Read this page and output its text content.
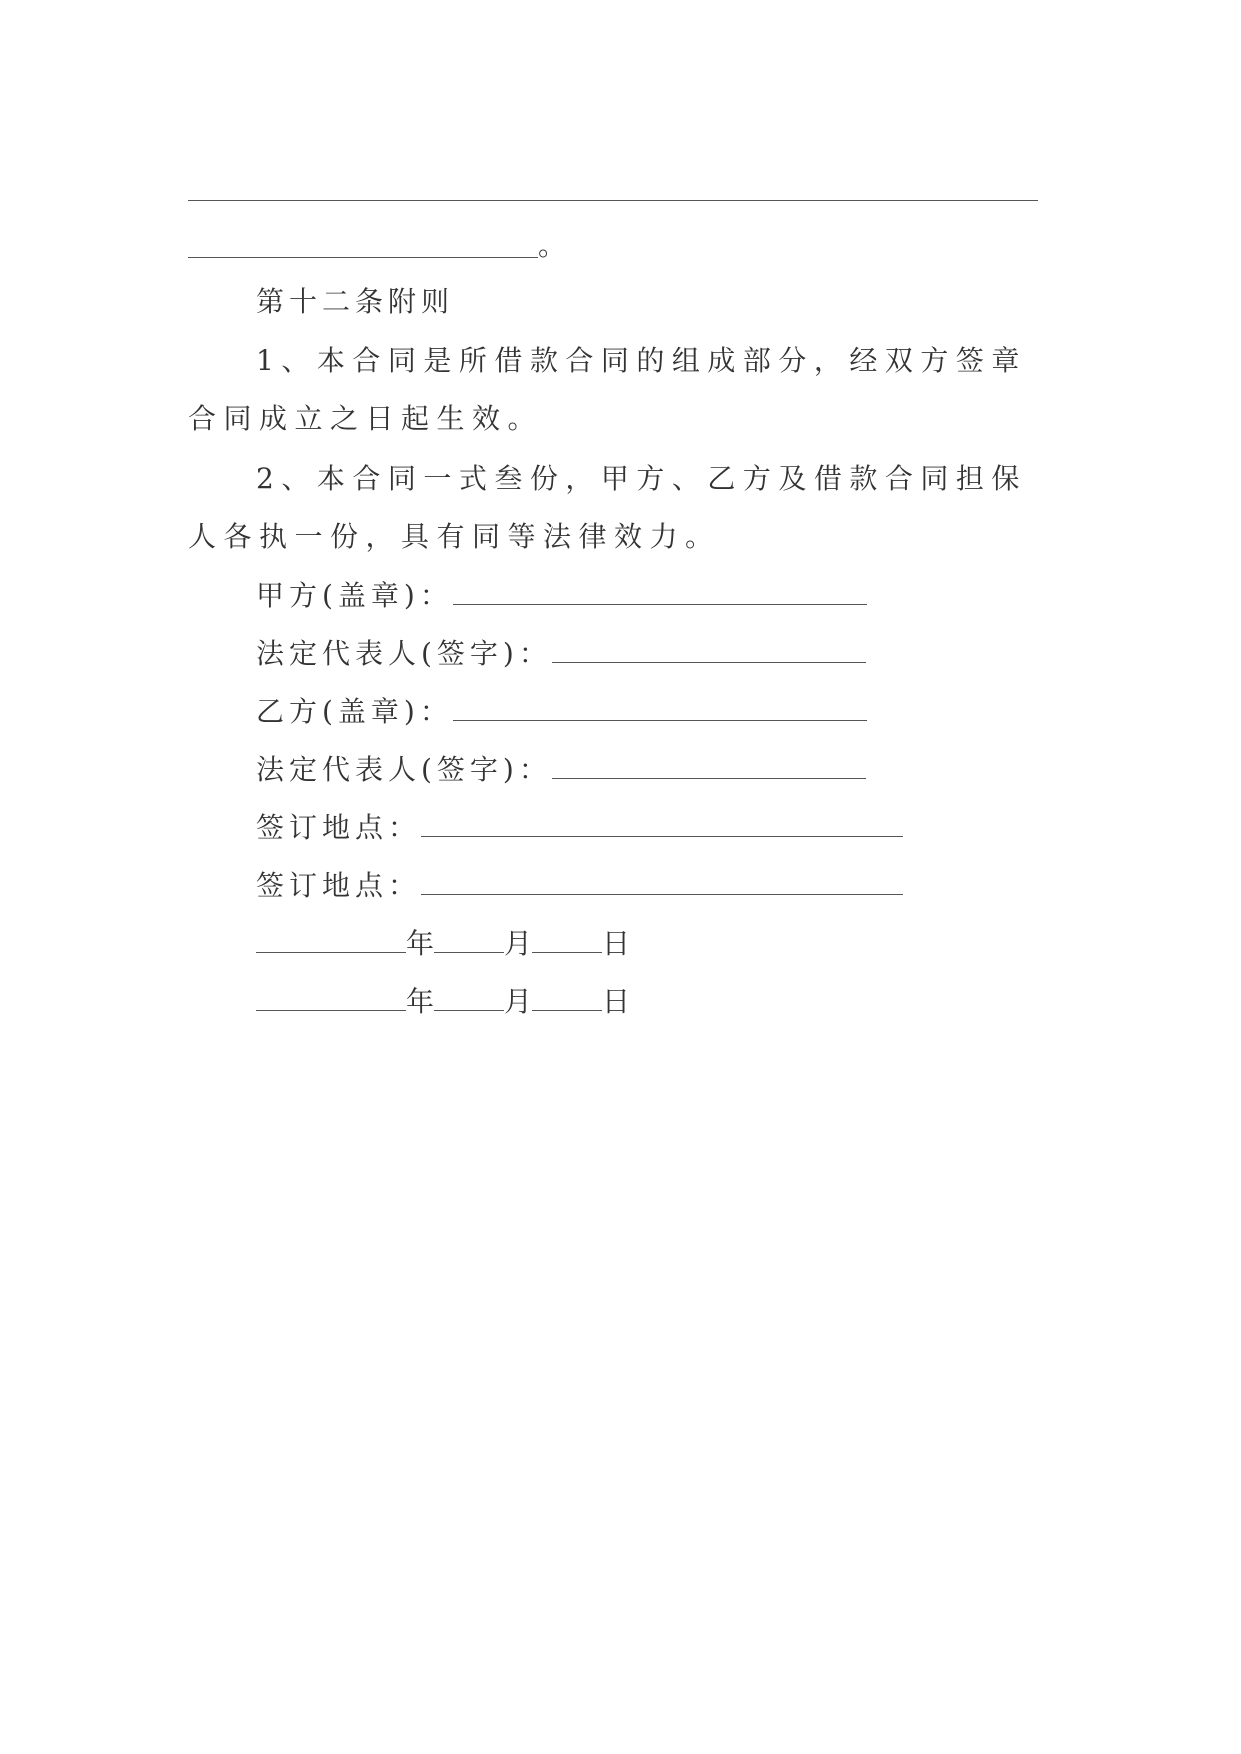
。
第十二条附则
1、本合同是所借款合同的组成部分，经双方签章合同成立之日起生效。
2、本合同一式叁份，甲方、乙方及借款合同担保人各执一份，具有同等法律效力。
甲方(盖章)：
法定代表人(签字)：
乙方(盖章)：
法定代表人(签字)：
签订地点：
签订地点：
年	月	日
年	月	日
